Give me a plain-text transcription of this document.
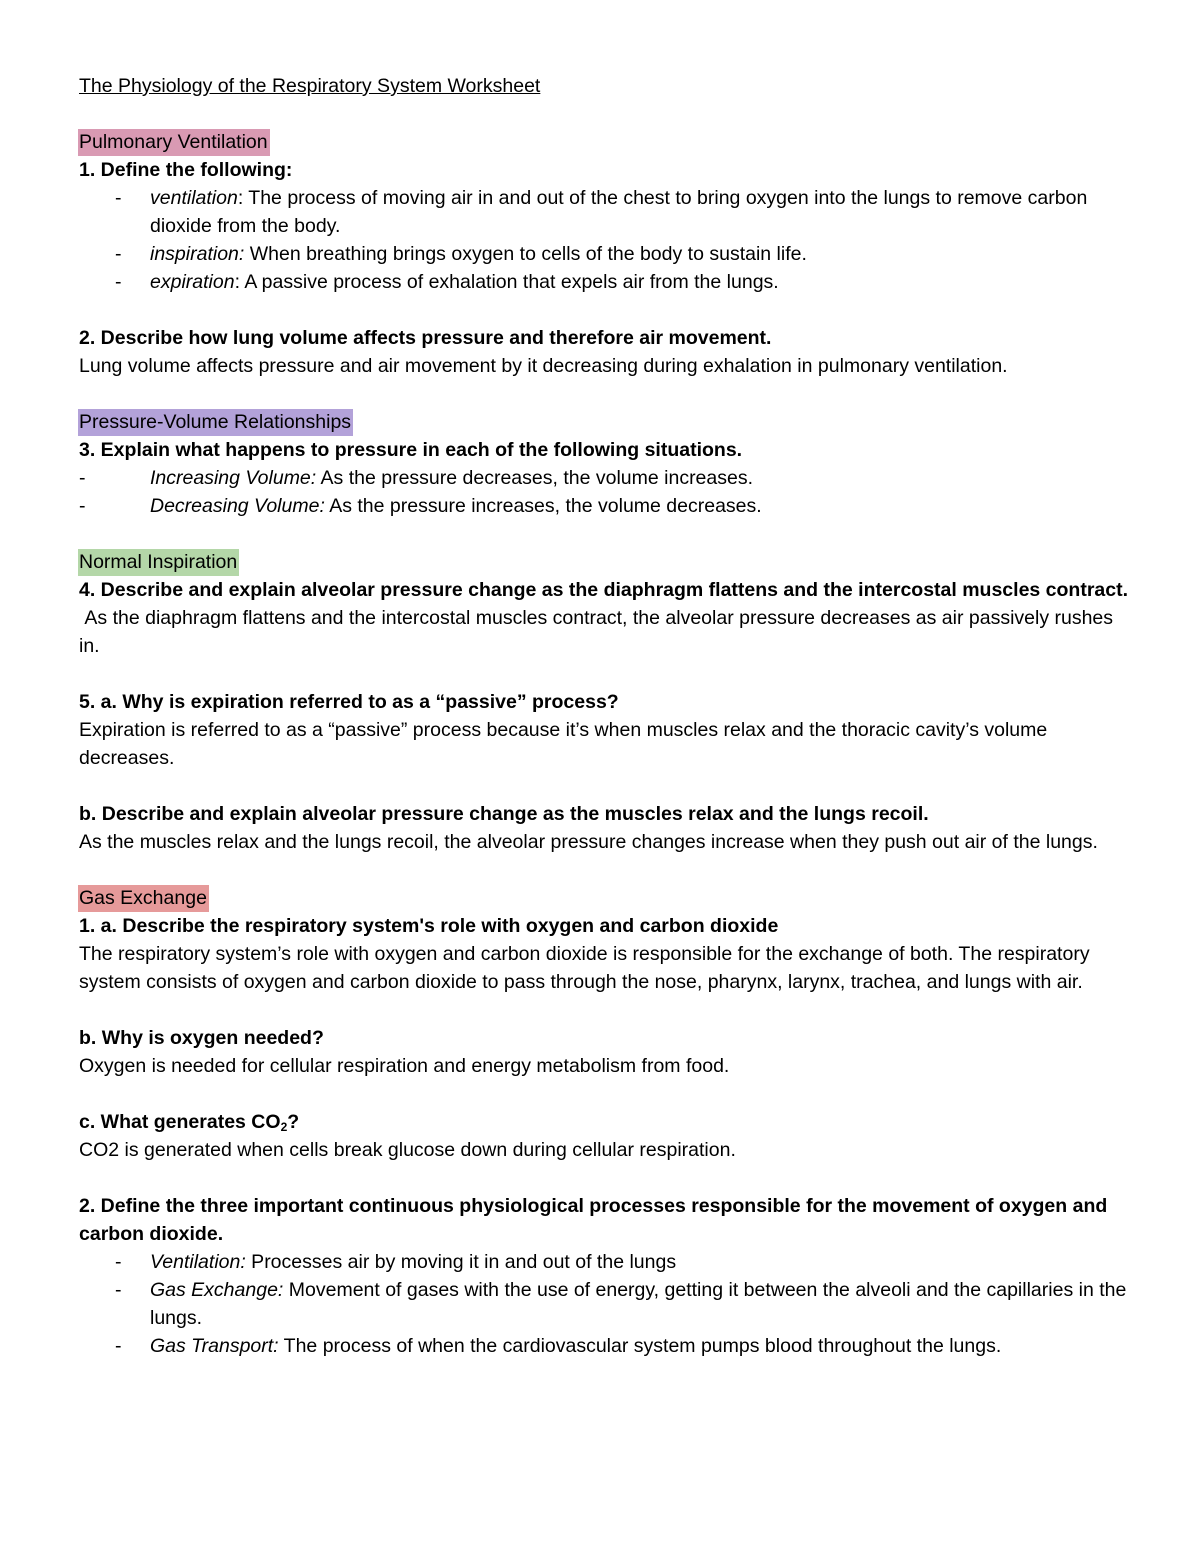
The Physiology of the Respiratory System Worksheet
Pulmonary Ventilation
1. Define the following:
- ventilation: The process of moving air in and out of the chest to bring oxygen into the lungs to remove carbon dioxide from the body.
- inspiration: When breathing brings oxygen to cells of the body to sustain life.
- expiration: A passive process of exhalation that expels air from the lungs.
2. Describe how lung volume affects pressure and therefore air movement.
Lung volume affects pressure and air movement by it decreasing during exhalation in pulmonary ventilation.
Pressure-Volume Relationships
3. Explain what happens to pressure in each of the following situations.
-	Increasing Volume: As the pressure decreases, the volume increases.
-	Decreasing Volume: As the pressure increases, the volume decreases.
Normal Inspiration
4. Describe and explain alveolar pressure change as the diaphragm flattens and the intercostal muscles contract.
As the diaphragm flattens and the intercostal muscles contract, the alveolar pressure decreases as air passively rushes in.
5. a. Why is expiration referred to as a “passive” process?
Expiration is referred to as a “passive” process because it’s when muscles relax and the thoracic cavity’s volume decreases.
b. Describe and explain alveolar pressure change as the muscles relax and the lungs recoil.
As the muscles relax and the lungs recoil, the alveolar pressure changes increase when they push out air of the lungs.
Gas Exchange
1. a. Describe the respiratory system's role with oxygen and carbon dioxide
The respiratory system’s role with oxygen and carbon dioxide is responsible for the exchange of both. The respiratory system consists of oxygen and carbon dioxide to pass through the nose, pharynx, larynx, trachea, and lungs with air.
b. Why is oxygen needed?
Oxygen is needed for cellular respiration and energy metabolism from food.
c. What generates $CO_2$?
CO2 is generated when cells break glucose down during cellular respiration.
2. Define the three important continuous physiological processes responsible for the movement of oxygen and carbon dioxide.
- Ventilation: Processes air by moving it in and out of the lungs
- Gas Exchange: Movement of gases with the use of energy, getting it between the alveoli and the capillaries in the lungs.
- Gas Transport: The process of when the cardiovascular system pumps blood throughout the lungs.
